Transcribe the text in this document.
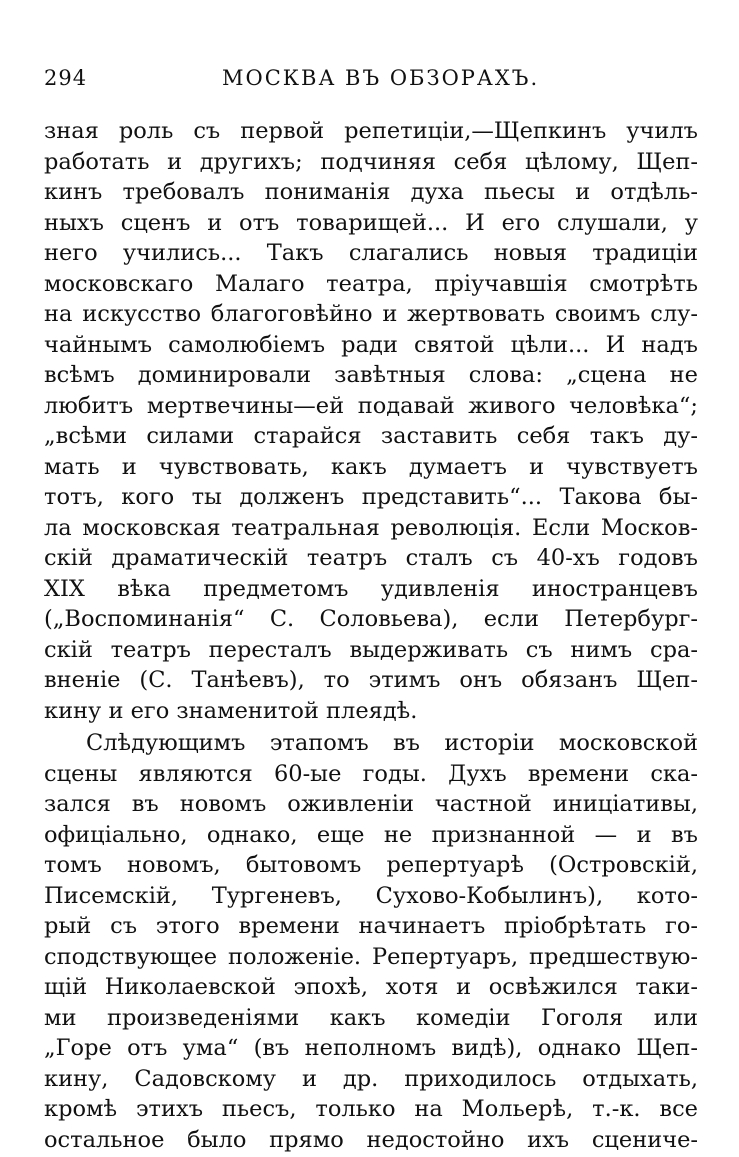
294	МОСКВА ВЪ ОБЗОРАХЪ.
зная роль съ первой репетиціи,—Щепкинъ училъ
работать и другихъ; подчиняя себя цѣлому, Щеп-
кинъ требовалъ пониманія духа пьесы и отдѣль-
ныхъ сценъ и отъ товарищей... И его слушали, у
него учились... Такъ слагались новыя традиціи
московскаго Малаго театра, пріучавшія смотрѣть
на искусство благоговѣйно и жертвовать своимъ слу-
чайнымъ самолюбіемъ ради святой цѣли... И надъ
всѣмъ доминировали завѣтныя слова: „сцена не
любитъ мертвечины—ей подавай живого человѣка“;
„всѣми силами старайся заставить себя такъ ду-
мать и чувствовать, какъ думаетъ и чувствуетъ
тотъ, кого ты долженъ представить“... Такова бы-
ла московская театральная революція. Если Москов-
скій драматическій театръ сталъ съ 40-хъ годовъ
XIX вѣка предметомъ удивленія иностранцевъ
(„Воспоминанія“ С. Соловьева), если Петербург-
скій театръ пересталъ выдерживать съ нимъ сра-
вненіе (С. Танѣевъ), то этимъ онъ обязанъ Щеп-
кину и его знаменитой плеядѣ.
Слѣдующимъ этапомъ въ исторіи московской
сцены являются 60-ые годы. Духъ времени ска-
зался въ новомъ оживленіи частной иниціативы,
офиціально, однако, еще не признанной — и въ
томъ новомъ, бытовомъ репертуарѣ (Островскій,
Писемскій, Тургеневъ, Сухово-Кобылинъ), кото-
рый съ этого времени начинаетъ пріобрѣтать го-
сподствующее положеніе. Репертуаръ, предшествую-
щій Николаевской эпохѣ, хотя и освѣжился таки-
ми произведеніями какъ комедіи Гоголя или
„Горе отъ ума“ (въ неполномъ видѣ), однако Щеп-
кину, Садовскому и др. приходилось отдыхать,
кромѣ этихъ пьесъ, только на Мольерѣ, т.-к. все
остальное было прямо недостойно ихъ сцениче-
